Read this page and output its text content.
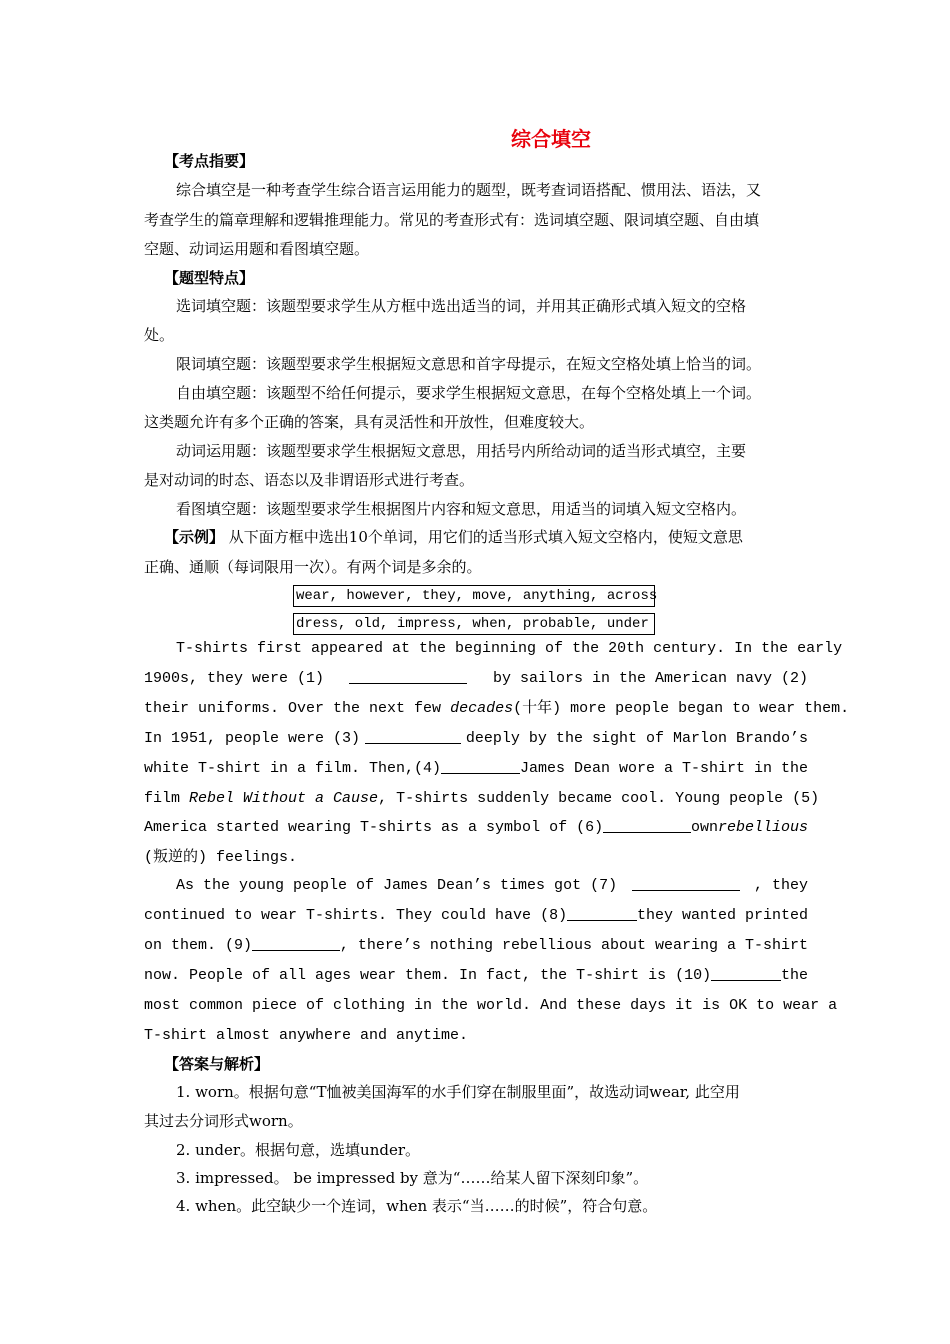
综合填空
【考点指要】
综合填空是一种考查学生综合语言运用能力的题型，既考查词语搭配、惯用法、语法，又
考查学生的篇章理解和逻辑推理能力。常见的考查形式有：选词填空题、限词填空题、自由填
空题、动词运用题和看图填空题。
【题型特点】
选词填空题：该题型要求学生从方框中选出适当的词，并用其正确形式填入短文的空格
处。
限词填空题：该题型要求学生根据短文意思和首字母提示，在短文空格处填上恰当的词。
自由填空题：该题型不给任何提示，要求学生根据短文意思，在每个空格处填上一个词。
这类题允许有多个正确的答案，具有灵活性和开放性，但难度较大。
动词运用题：该题型要求学生根据短文意思，用括号内所给动词的适当形式填空，主要
是对动词的时态、语态以及非谓语形式进行考查。
看图填空题：该题型要求学生根据图片内容和短文意思，用适当的词填入短文空格内。
【示例】 从下面方框中选出10个单词，用它们的适当形式填入短文空格内，使短文意思
正确、通顺（每词限用一次）。有两个词是多余的。
wear, however, they, move, anything, across
dress, old, impress, when, probable, under
T-shirts first appeared at the beginning of the 20th century. In the early
1900s, they were (1)	by sailors in the American navy (2)
their uniforms. Over the next few decades(十年) more people began to wear them.
In 1951, people were (3)	deeply by the sight of Marlon Brando’s
white T-shirt in a film. Then,(4)	James Dean wore a T-shirt in the
film Rebel Without a Cause, T-shirts suddenly became cool. Young people (5)
America started wearing T-shirts as a symbol of (6)	own rebellious
(叛逆的) feelings.
As the young people of James Dean’s times got (7)	, they
continued to wear T-shirts. They could have (8)	they wanted printed
on them. (9)	, there’s nothing rebellious about wearing a T-shirt
now. People of all ages wear them. In fact, the T-shirt is (10)	the
most common piece of clothing in the world. And these days it is OK to wear a
T-shirt almost anywhere and anytime.
【答案与解析】
1. worn。根据句意“T恤被美国海军的水手们穿在制服里面”，故选动词wear, 此空用
其过去分词形式worn。
2. under。根据句意，选填under。
3. impressed。 be impressed by 意为“……给某人留下深刻印象”。
4. when。此空缺少一个连词，when 表示“当……的时候”，符合句意。
